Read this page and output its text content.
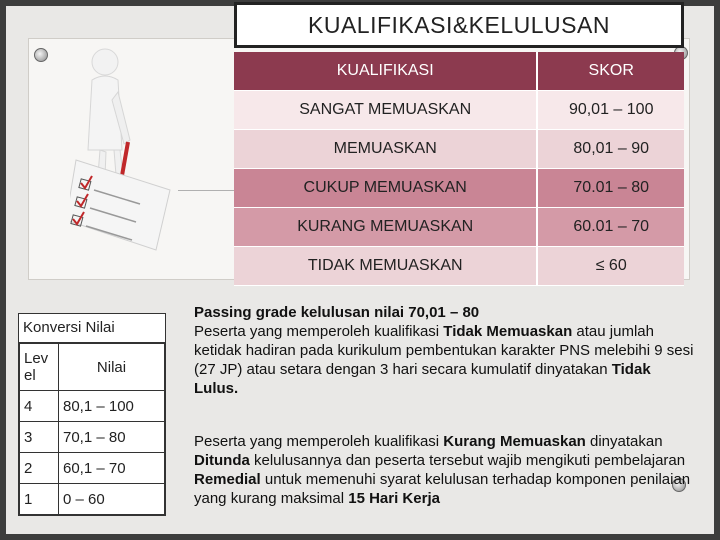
KUALIFIKASI&KELULUSAN
KUALIFIKASI	SKOR
SANGAT MEMUASKAN	90,01 – 100
MEMUASKAN	80,01 – 90
CUKUP MEMUASKAN	70.01 – 80
KURANG MEMUASKAN	60.01 – 70
TIDAK MEMUASKAN	≤ 60
Konversi Nilai
Lev el	Nilai
4	80,1 – 100
3	70,1 – 80
2	60,1 – 70
1	0 – 60
Passing grade kelulusan nilai 70,01 – 80
Peserta yang memperoleh kualifikasi Tidak Memuaskan atau jumlah ketidak hadiran pada kurikulum pembentukan karakter PNS melebihi 9 sesi (27 JP) atau setara dengan 3 hari secara kumulatif dinyatakan Tidak Lulus.
Peserta yang memperoleh kualifikasi Kurang Memuaskan dinyatakan Ditunda kelulusannya dan peserta tersebut wajib mengikuti pembelajaran Remedial untuk memenuhi syarat kelulusan terhadap komponen penilaian yang kurang maksimal 15 Hari Kerja
